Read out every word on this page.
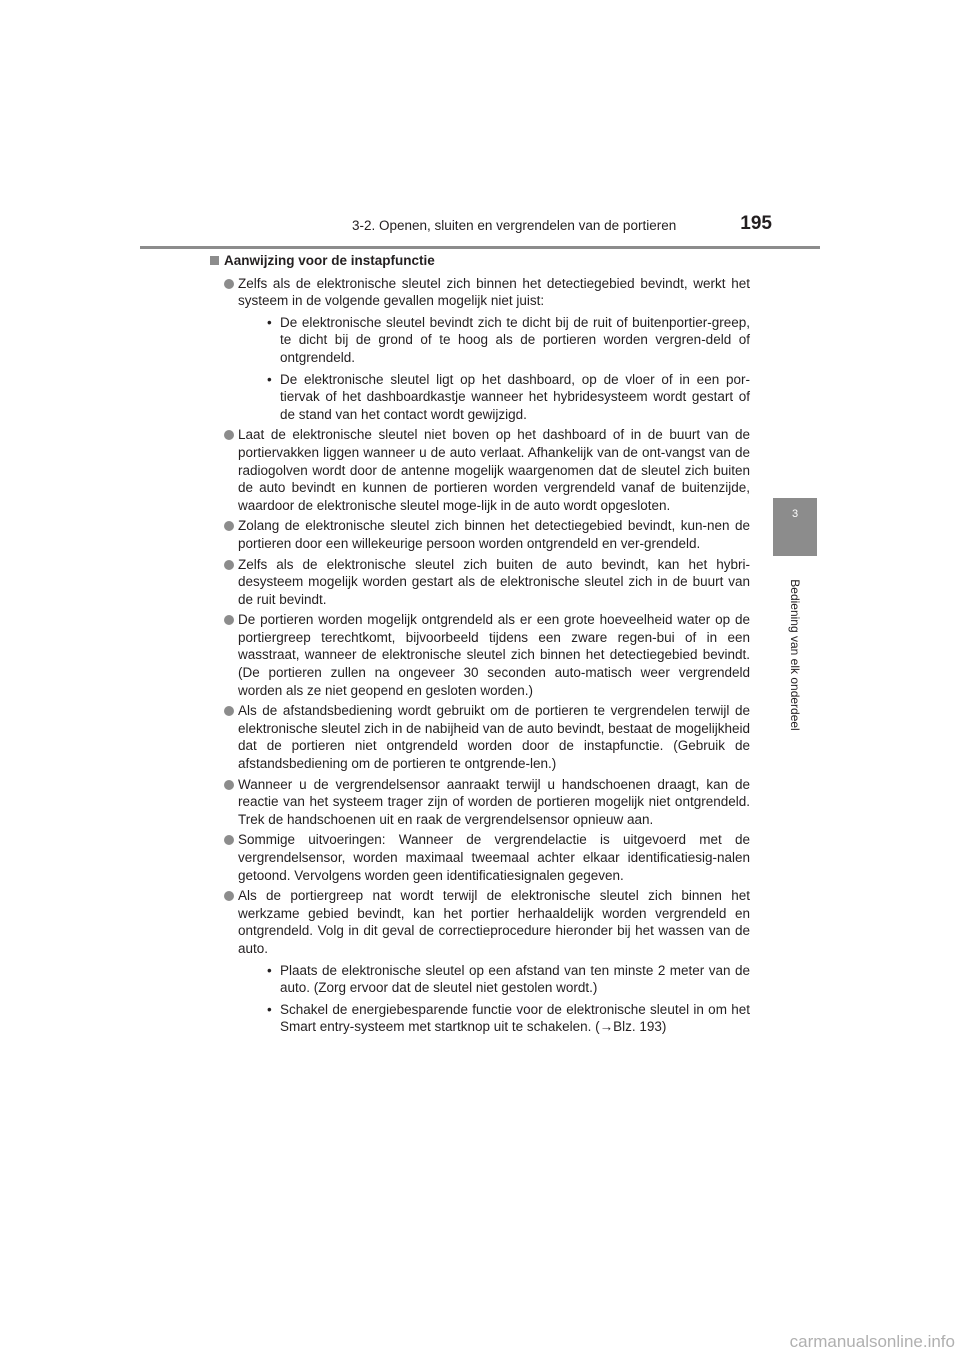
3-2. Openen, sluiten en vergrendelen van de portieren	195
3
Bediening van elk onderdeel
Aanwijzing voor de instapfunctie
Zelfs als de elektronische sleutel zich binnen het detectiegebied bevindt, werkt het systeem in de volgende gevallen mogelijk niet juist:
• De elektronische sleutel bevindt zich te dicht bij de ruit of buitenportier-greep, te dicht bij de grond of te hoog als de portieren worden vergren-deld of ontgrendeld.
• De elektronische sleutel ligt op het dashboard, op de vloer of in een por-tiervak of het dashboardkastje wanneer het hybridesysteem wordt gestart of de stand van het contact wordt gewijzigd.
Laat de elektronische sleutel niet boven op het dashboard of in de buurt van de portiervakken liggen wanneer u de auto verlaat. Afhankelijk van de ont-vangst van de radiogolven wordt door de antenne mogelijk waargenomen dat de sleutel zich buiten de auto bevindt en kunnen de portieren worden vergrendeld vanaf de buitenzijde, waardoor de elektronische sleutel moge-lijk in de auto wordt opgesloten.
Zolang de elektronische sleutel zich binnen het detectiegebied bevindt, kun-nen de portieren door een willekeurige persoon worden ontgrendeld en ver-grendeld.
Zelfs als de elektronische sleutel zich buiten de auto bevindt, kan het hybri-desysteem mogelijk worden gestart als de elektronische sleutel zich in de buurt van de ruit bevindt.
De portieren worden mogelijk ontgrendeld als er een grote hoeveelheid water op de portiergreep terechtkomt, bijvoorbeeld tijdens een zware regen-bui of in een wasstraat, wanneer de elektronische sleutel zich binnen het detectiegebied bevindt. (De portieren zullen na ongeveer 30 seconden auto-matisch weer vergrendeld worden als ze niet geopend en gesloten worden.)
Als de afstandsbediening wordt gebruikt om de portieren te vergrendelen terwijl de elektronische sleutel zich in de nabijheid van de auto bevindt, bestaat de mogelijkheid dat de portieren niet ontgrendeld worden door de instapfunctie. (Gebruik de afstandsbediening om de portieren te ontgrende-len.)
Wanneer u de vergrendelsensor aanraakt terwijl u handschoenen draagt, kan de reactie van het systeem trager zijn of worden de portieren mogelijk niet ontgrendeld. Trek de handschoenen uit en raak de vergrendelsensor opnieuw aan.
Sommige uitvoeringen: Wanneer de vergrendelactie is uitgevoerd met de vergrendelsensor, worden maximaal tweemaal achter elkaar identificatiesig-nalen getoond. Vervolgens worden geen identificatiesignalen gegeven.
Als de portiergreep nat wordt terwijl de elektronische sleutel zich binnen het werkzame gebied bevindt, kan het portier herhaaldelijk worden vergrendeld en ontgrendeld. Volg in dit geval de correctieprocedure hieronder bij het wassen van de auto.
• Plaats de elektronische sleutel op een afstand van ten minste 2 meter van de auto. (Zorg ervoor dat de sleutel niet gestolen wordt.)
• Schakel de energiebesparende functie voor de elektronische sleutel in om het Smart entry-systeem met startknop uit te schakelen. (→Blz. 193)
carmanualsonline.info
